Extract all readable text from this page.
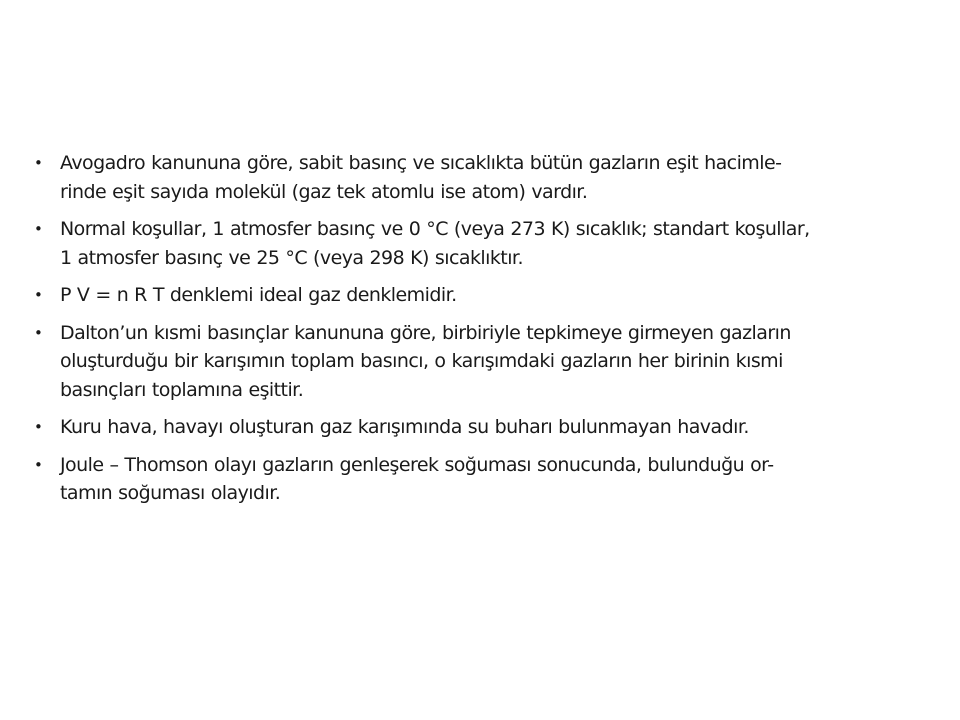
• Avogadro kanununa göre, sabit basınç ve sıcaklıkta bütün gazların eşit hacimle-
rinde eşit sayıda molekül (gaz tek atomlu ise atom) vardır.
• Normal koşullar, 1 atmosfer basınç ve 0 °C (veya 273 K) sıcaklık; standart koşullar,
1 atmosfer basınç ve 25 °C (veya 298 K) sıcaklıktır.
• P V = n R T denklemi ideal gaz denklemidir.
• Dalton’un kısmi basınçlar kanununa göre, birbiriyle tepkimeye girmeyen gazların
oluşturduğu bir karışımın toplam basıncı, o karışımdaki gazların her birinin kısmi
basınçları toplamına eşittir.
• Kuru hava, havayı oluşturan gaz karışımında su buharı bulunmayan havadır.
• Joule – Thomson olayı gazların genleşerek soğuması sonucunda, bulunduğu or-
tamın soğuması olayıdır.
